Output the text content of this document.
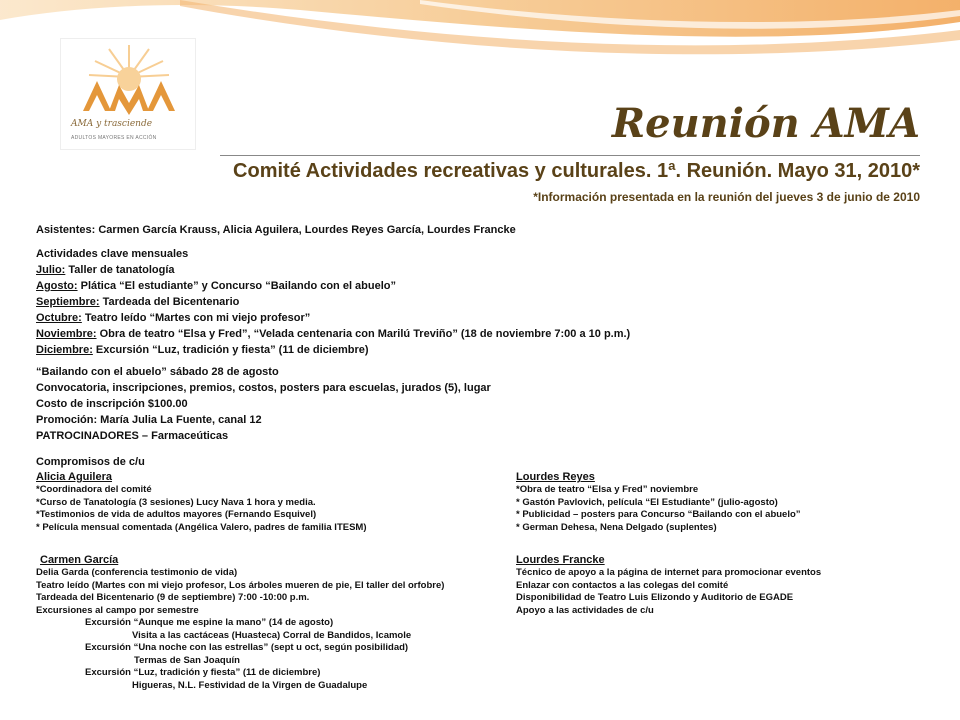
AMA y trasciende
ADULTOS MAYORES EN ACCIÓN	Reunión AMA
Comité Actividades recreativas y culturales. 1ª. Reunión. Mayo 31, 2010*
*Información presentada en la reunión del jueves 3 de junio de 2010
Asistentes: Carmen García Krauss, Alicia Aguilera, Lourdes Reyes García, Lourdes Francke
Actividades clave mensuales
Julio: Taller de tanatología
Agosto: Plática “El estudiante” y Concurso “Bailando con el abuelo”
Septiembre: Tardeada del Bicentenario
Octubre: Teatro leído “Martes con mi viejo profesor”
Noviembre: Obra de teatro “Elsa y Fred”, “Velada centenaria con Marilú Treviño” (18 de noviembre 7:00 a 10 p.m.)
Diciembre: Excursión “Luz, tradición y fiesta” (11 de diciembre)
“Bailando con el abuelo” sábado 28 de agosto
Convocatoria, inscripciones, premios, costos, posters para escuelas, jurados (5), lugar
Costo de inscripción $100.00
Promoción: María Julia La Fuente, canal 12
PATROCINADORES – Farmaceúticas
Compromisos de c/u
Alicia Aguilera
*Coordinadora del comité
*Curso de Tanatología (3 sesiones) Lucy Nava 1 hora y media.
*Testimonios de vida de adultos mayores (Fernando Esquivel)
* Película mensual comentada (Angélica Valero, padres de familia ITESM)
Lourdes Reyes
*Obra de teatro “Elsa y Fred” noviembre
* Gastón Pavlovich, película “El Estudiante” (julio-agosto)
* Publicidad – posters para Concurso “Bailando con el abuelo”
* German Dehesa, Nena Delgado (suplentes)
Carmen García
Delia Garda (conferencia testimonio de vida)
Teatro leído (Martes con mi viejo profesor, Los árboles mueren de pie, El taller del orfobre)
Tardeada del Bicentenario (9 de septiembre) 7:00 -10:00 p.m.
Excursiones al campo por semestre
Excursión “Aunque me espine la mano” (14 de agosto)
Visita a las cactáceas (Huasteca) Corral de Bandidos, Icamole
Excursión “Una noche con las estrellas” (sept u oct, según posibilidad)
Termas de San Joaquín
Excursión “Luz, tradición y fiesta” (11 de diciembre)
Higueras, N.L. Festividad de la Virgen de Guadalupe
Lourdes Francke
Técnico de apoyo a la página de internet para promocionar eventos
Enlazar con contactos a las colegas del comité
Disponibilidad de Teatro Luis Elizondo y Auditorio de EGADE
Apoyo a las actividades de c/u
